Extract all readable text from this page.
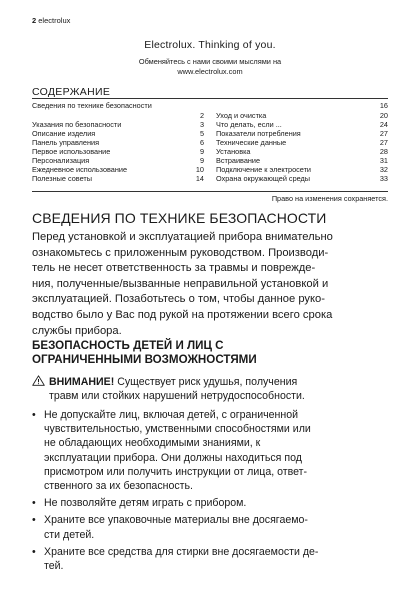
2 electrolux
Electrolux. Thinking of you.
Обменяйтесь с нами своими мыслями на
www.electrolux.com
СОДЕРЖАНИЕ
Сведения по технике безопасности	16
2
Указания по безопасности	3
Описание изделия	5
Панель управления	6
Первое использование	9
Персонализация	9
Ежедневное использование	10
Полезные советы	14
Уход и очистка	20
Что делать, если ...	24
Показатели потребления	27
Технические данные	27
Установка	28
Встраивание	31
Подключение к электросети	32
Охрана окружающей среды	33
Право на изменения сохраняется.
СВЕДЕНИЯ ПО ТЕХНИКЕ БЕЗОПАСНОСТИ
Перед установкой и эксплуатацией прибора внимательно
ознакомьтесь с приложенным руководством. Производи-
тель не несет ответственность за травмы и поврежде-
ния, полученные/вызванные неправильной установкой и
эксплуатацией. Позаботьтесь о том, чтобы данное руко-
водство было у Вас под рукой на протяжении всего срока
службы прибора.
БЕЗОПАСНОСТЬ ДЕТЕЙ И ЛИЦ С
ОГРАНИЧЕННЫМИ ВОЗМОЖНОСТЯМИ
ВНИМАНИЕ! Существует риск удушья, получения
травм или стойких нарушений нетрудоспособности.
• Не допускайте лиц, включая детей, с ограниченной
чувствительностью, умственными способностями или
не обладающих необходимыми знаниями, к
эксплуатации прибора. Они должны находиться под
присмотром или получить инструкции от лица, ответ-
ственного за их безопасность.
• Не позволяйте детям играть с прибором.
• Храните все упаковочные материалы вне досягаемо-
сти детей.
• Храните все средства для стирки вне досягаемости де-
тей.
